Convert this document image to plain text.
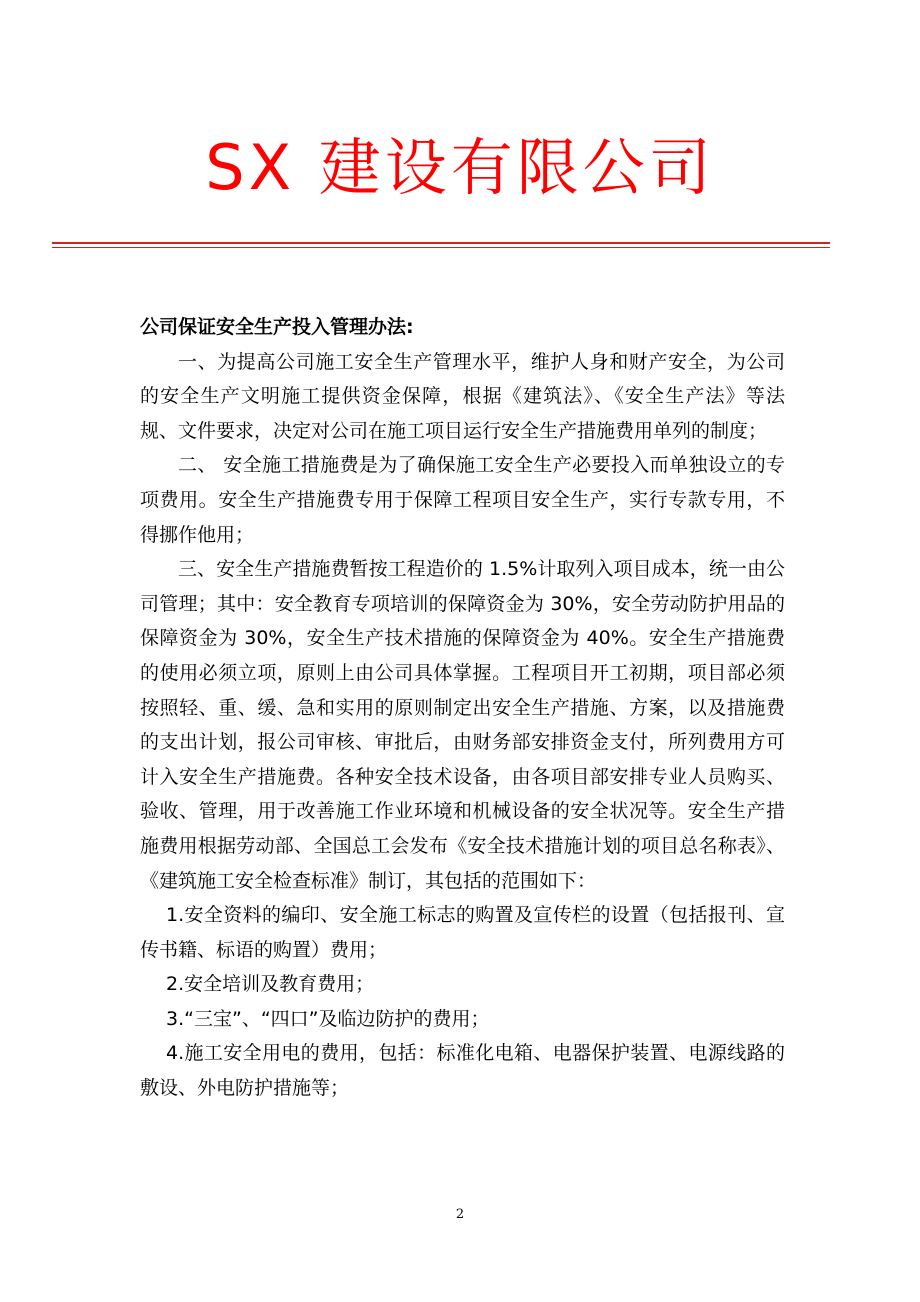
SX 建设有限公司

公司保证安全生产投入管理办法:

一、为提高公司施工安全生产管理水平，维护人身和财产安全，为公司的安全生产文明施工提供资金保障，根据《建筑法》、《安全生产法》等法规、文件要求，决定对公司在施工项目运行安全生产措施费用单列的制度；

二、 安全施工措施费是为了确保施工安全生产必要投入而单独设立的专项费用。安全生产措施费专用于保障工程项目安全生产，实行专款专用，不得挪作他用；

三、安全生产措施费暂按工程造价的 1.5%计取列入项目成本，统一由公司管理；其中：安全教育专项培训的保障资金为 30%，安全劳动防护用品的保障资金为 30%，安全生产技术措施的保障资金为 40%。安全生产措施费的使用必须立项，原则上由公司具体掌握。工程项目开工初期，项目部必须按照轻、重、缓、急和实用的原则制定出安全生产措施、方案，以及措施费的支出计划，报公司审核、审批后，由财务部安排资金支付，所列费用方可计入安全生产措施费。各种安全技术设备，由各项目部安排专业人员购买、验收、管理，用于改善施工作业环境和机械设备的安全状况等。安全生产措施费用根据劳动部、全国总工会发布《安全技术措施计划的项目总名称表》、《建筑施工安全检查标准》制订，其包括的范围如下：

1.安全资料的编印、安全施工标志的购置及宣传栏的设置（包括报刊、宣传书籍、标语的购置）费用；

2.安全培训及教育费用；

3.“三宝”、“四口”及临边防护的费用；

4.施工安全用电的费用，包括：标准化电箱、电器保护装置、电源线路的敷设、外电防护措施等；

2
